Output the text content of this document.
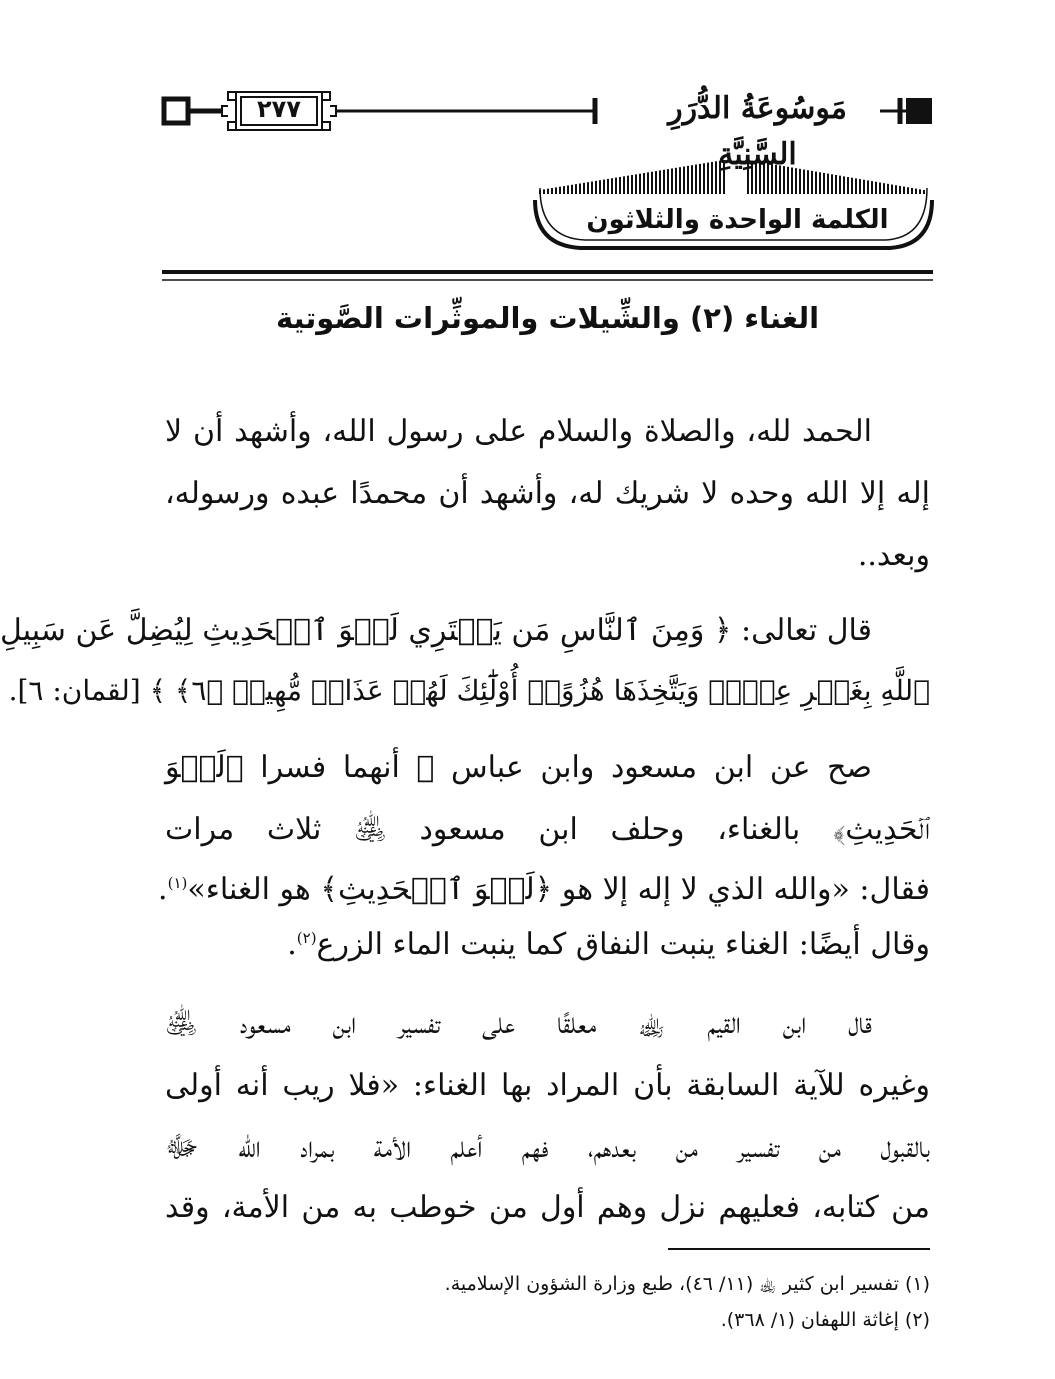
٢٧٧	مَوسُوعَةُ الدُّرَرِ السَّنِيَّةِ
الكلمة الواحدة والثلاثون
الغناء (٢) والشِّيلات والموثِّرات الصَّوتية
الحمد لله، والصلاة والسلام على رسول الله، وأشهد أن لا
إله إلا الله وحده لا شريك له، وأشهد أن محمدًا عبده ورسوله،
وبعد..
قال تعالى: ﴿ وَمِنَ ٱلنَّاسِ مَن يَشۡتَرِي لَهۡوَ ٱلۡحَدِيثِ لِيُضِلَّ عَن سَبِيلِ
ٱللَّهِ بِغَيۡرِ عِلۡمٖ وَيَتَّخِذَهَا هُزُوًاۚ أُوْلَٰٓئِكَ لَهُمۡ عَذَابٞ مُّهِينٞ ﴿٦﴾ ﴾ [لقمان: ٦].
صح عن ابن مسعود وابن عباس ﵃ أنهما فسرا ﴿لَهۡوَ
ٱلۡحَدِيثِ﴾ بالغناء، وحلف ابن مسعود ﵁ ثلاث مرات
فقال: «والله الذي لا إله إلا هو ﴿لَهۡوَ ٱلۡحَدِيثِ﴾ هو الغناء»$^{(١)}$.
وقال أيضًا: الغناء ينبت النفاق كما ينبت الماء الزرع$^{(٢)}$.
قال ابن القيم ﵀ معلقًا على تفسير ابن مسعود ﵁
وغيره للآية السابقة بأن المراد بها الغناء: «فلا ريب أنه أولى
بالقبول من تفسير من بعدهم، فهم أعلم الأمة بمراد الله ﷻ
من كتابه، فعليهم نزل وهم أول من خوطب به من الأمة، وقد
(١) تفسير ابن كثير ﵀ (١١/ ٤٦)، طبع وزارة الشؤون الإسلامية.
(٢) إغاثة اللهفان (١/ ٣٦٨).
